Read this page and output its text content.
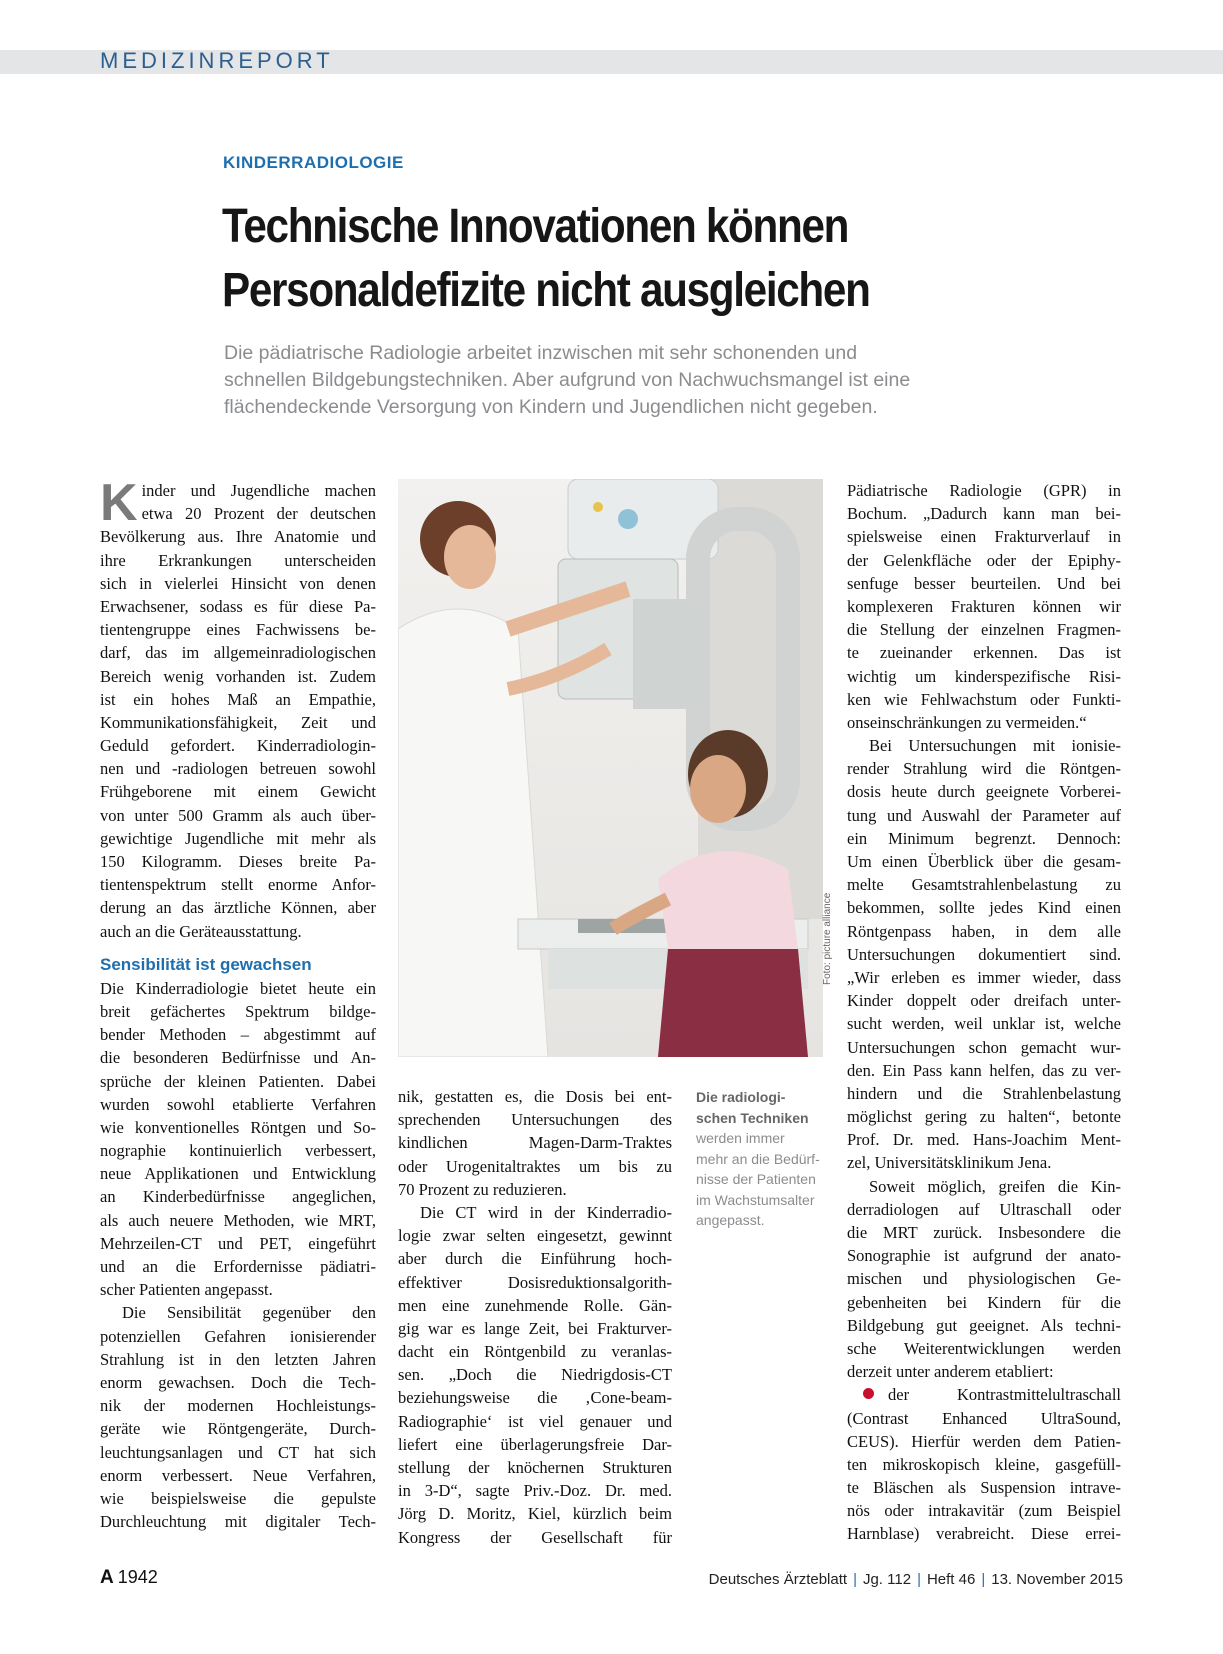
MEDIZINREPORT
KINDERRADIOLOGIE
Technische Innovationen können
Personaldefizite nicht ausgleichen
Die pädiatrische Radiologie arbeitet inzwischen mit sehr schonenden und
schnellen Bildgebungstechniken. Aber aufgrund von Nachwuchsmangel ist eine
flächendeckende Versorgung von Kindern und Jugendlichen nicht gegeben.
K inder und Jugendliche machen
etwa 20 Prozent der deutschen
Bevölkerung aus. Ihre Anatomie und
ihre Erkrankungen unterscheiden
sich in vielerlei Hinsicht von denen
Erwachsener, sodass es für diese Pa-
tientengruppe eines Fachwissens be-
darf, das im allgemeinradiologischen
Bereich wenig vorhanden ist. Zudem
ist ein hohes Maß an Empathie,
Kommunikationsfähigkeit, Zeit und
Geduld gefordert. Kinderradiologin-
nen und -radiologen betreuen sowohl
Frühgeborene mit einem Gewicht
von unter 500 Gramm als auch über-
gewichtige Jugendliche mit mehr als
150 Kilogramm. Dieses breite Pa-
tientenspektrum stellt enorme Anfor-
derung an das ärztliche Können, aber
auch an die Geräteausstattung.
Sensibilität ist gewachsen
Die Kinderradiologie bietet heute ein
breit gefächertes Spektrum bildge-
bender Methoden – abgestimmt auf
die besonderen Bedürfnisse und An-
sprüche der kleinen Patienten. Dabei
wurden sowohl etablierte Verfahren
wie konventionelles Röntgen und So-
nographie kontinuierlich verbessert,
neue Applikationen und Entwicklung
an Kinderbedürfnisse angeglichen,
als auch neuere Methoden, wie MRT,
Mehrzeilen-CT und PET, eingeführt
und an die Erfordernisse pädiatri-
scher Patienten angepasst.
Die Sensibilität gegenüber den
potenziellen Gefahren ionisierender
Strahlung ist in den letzten Jahren
enorm gewachsen. Doch die Tech-
nik der modernen Hochleistungs-
geräte wie Röntgengeräte, Durch-
leuchtungsanlagen und CT hat sich
enorm verbessert. Neue Verfahren,
wie beispielsweise die gepulste
Durchleuchtung mit digitaler Tech-
Foto: picture alliance
nik, gestatten es, die Dosis bei ent-
sprechenden Untersuchungen des
kindlichen Magen-Darm-Traktes
oder Urogenitaltraktes um bis zu
70 Prozent zu reduzieren.
Die CT wird in der Kinderradio-
logie zwar selten eingesetzt, gewinnt
aber durch die Einführung hoch-
effektiver Dosisreduktionsalgorith-
men eine zunehmende Rolle. Gän-
gig war es lange Zeit, bei Frakturver-
dacht ein Röntgenbild zu veranlas-
sen. „Doch die Niedrigdosis-CT
beziehungsweise die ‚Cone-beam-
Radiographie‘ ist viel genauer und
liefert eine überlagerungsfreie Dar-
stellung der knöchernen Strukturen
in 3-D“, sagte Priv.-Doz. Dr. med.
Jörg D. Moritz, Kiel, kürzlich beim
Kongress der Gesellschaft für
Die radiologi-
schen Techniken
werden immer
mehr an die Bedürf-
nisse der Patienten
im Wachstumsalter
angepasst.
Pädiatrische Radiologie (GPR) in
Bochum. „Dadurch kann man bei-
spielsweise einen Frakturverlauf in
der Gelenkfläche oder der Epiphy-
senfuge besser beurteilen. Und bei
komplexeren Frakturen können wir
die Stellung der einzelnen Fragmen-
te zueinander erkennen. Das ist
wichtig um kinderspezifische Risi-
ken wie Fehlwachstum oder Funkti-
onseinschränkungen zu vermeiden.“
Bei Untersuchungen mit ionisie-
render Strahlung wird die Röntgen-
dosis heute durch geeignete Vorberei-
tung und Auswahl der Parameter auf
ein Minimum begrenzt. Dennoch:
Um einen Überblick über die gesam-
melte Gesamtstrahlenbelastung zu
bekommen, sollte jedes Kind einen
Röntgenpass haben, in dem alle
Untersuchungen dokumentiert sind.
„Wir erleben es immer wieder, dass
Kinder doppelt oder dreifach unter-
sucht werden, weil unklar ist, welche
Untersuchungen schon gemacht wur-
den. Ein Pass kann helfen, das zu ver-
hindern und die Strahlenbelastung
möglichst gering zu halten“, betonte
Prof. Dr. med. Hans-Joachim Ment-
zel, Universitätsklinikum Jena.
Soweit möglich, greifen die Kin-
derradiologen auf Ultraschall oder
die MRT zurück. Insbesondere die
Sonographie ist aufgrund der anato-
mischen und physiologischen Ge-
gebenheiten bei Kindern für die
Bildgebung gut geeignet. Als techni-
sche Weiterentwicklungen werden
derzeit unter anderem etabliert:
der Kontrastmittelultraschall
(Contrast Enhanced UltraSound,
CEUS). Hierfür werden dem Patien-
ten mikroskopisch kleine, gasgefüll-
te Bläschen als Suspension intrave-
nös oder intrakavitär (zum Beispiel
Harnblase) verabreicht. Diese errei-
A 1942	Deutsches Ärzteblatt | Jg. 112 | Heft 46 | 13. November 2015
